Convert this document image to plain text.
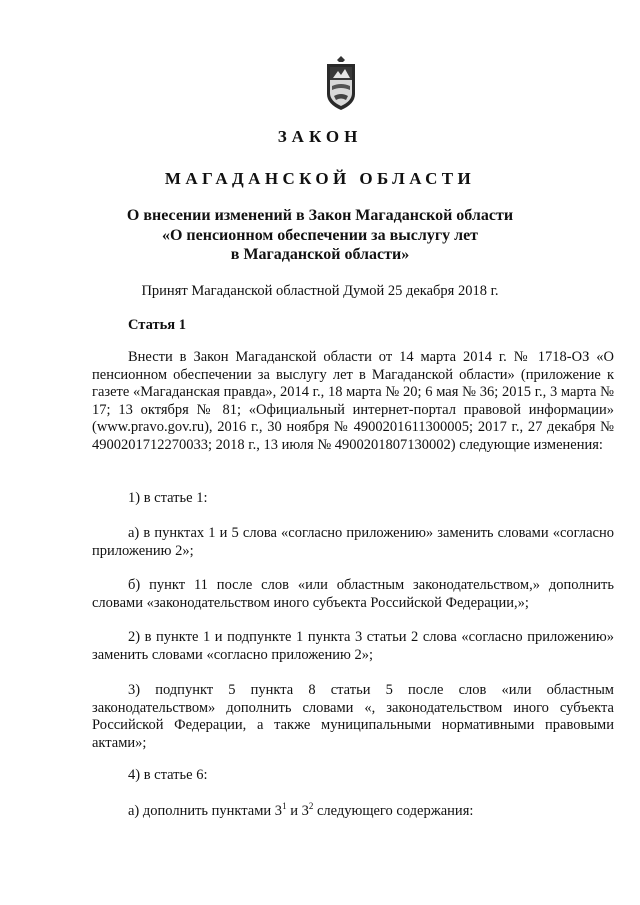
ЗАКОН
МАГАДАНСКОЙ ОБЛАСТИ
О внесении изменений в Закон Магаданской области
«О пенсионном обеспечении за выслугу лет
в Магаданской области»
Принят Магаданской областной Думой 25 декабря 2018 г.
Статья 1
Внести в Закон Магаданской области от 14 марта 2014 г. № 1718-ОЗ «О пенсионном обеспечении за выслугу лет в Магаданской области» (приложение к газете «Магаданская правда», 2014 г., 18 марта № 20; 6 мая № 36; 2015 г., 3 марта № 17; 13 октября № 81; «Официальный интернет-портал правовой информации» (www.pravo.gov.ru), 2016 г., 30 ноября № 4900201611300005; 2017 г., 27 декабря № 4900201712270033; 2018 г., 13 июля № 4900201807130002) следующие изменения:
1) в статье 1:
а) в пунктах 1 и 5 слова «согласно приложению» заменить словами «согласно приложению 2»;
б) пункт 11 после слов «или областным законодательством,» дополнить словами «законодательством иного субъекта Российской Федерации,»;
2) в пункте 1 и подпункте 1 пункта 3 статьи 2 слова «согласно приложению» заменить словами «согласно приложению 2»;
3) подпункт 5 пункта 8 статьи 5 после слов «или областным законодательством» дополнить словами «, законодательством иного субъекта Российской Федерации, а также муниципальными нормативными правовыми актами»;
4) в статье 6:
а) дополнить пунктами $3^1$ и $3^2$ следующего содержания:
